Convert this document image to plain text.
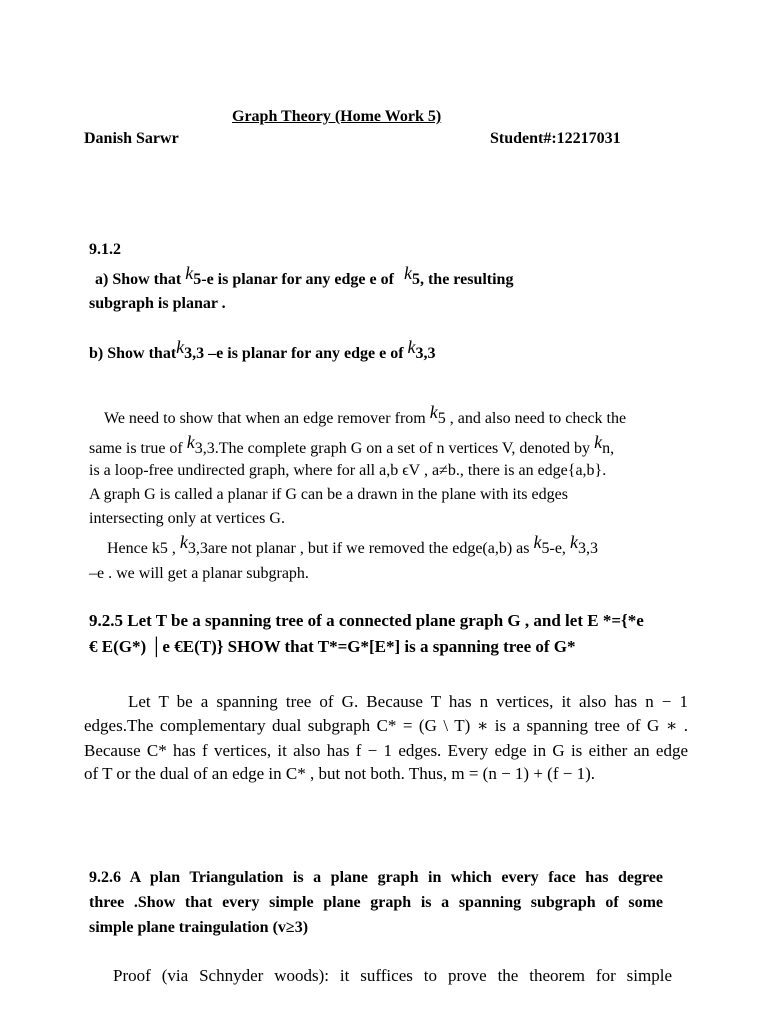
Graph Theory (Home Work 5)
Danish Sarwr	Student#:12217031
9.1.2
a) Show that k5-e is planar for any edge e of k5, the resulting
subgraph is planar .
b) Show thatk3,3 –e is planar for any edge e of k3,3
We need to show that when an edge remover from k5 , and also need to check the
same is true of k3,3.The complete graph G on a set of n vertices V, denoted by kn,
is a loop-free undirected graph, where for all a,b ϵV , a≠b., there is an edge{a,b}.
A graph G is called a planar if G can be a drawn in the plane with its edges
intersecting only at vertices G.
Hence k5 , k3,3are not planar , but if we removed the edge(a,b) as k5-e, k3,3
–e . we will get a planar subgraph.
9.2.5 Let T be a spanning tree of a connected plane graph G , and let E *={*e
€ E(G*) │e €E(T)} SHOW that T*=G*[E*] is a spanning tree of G*
Let T be a spanning tree of G. Because T has n vertices, it also has n − 1
edges.The complementary dual subgraph C* = (G \ T) ∗ is a spanning tree of G ∗ .
Because C* has f vertices, it also has f − 1 edges. Every edge in G is either an edge
of T or the dual of an edge in C* , but not both. Thus, m = (n − 1) + (f − 1).
9.2.6 A plan Triangulation is a plane graph in which every face has degree
three .Show that every simple plane graph is a spanning subgraph of some
simple plane traingulation (v≥3)
Proof (via Schnyder woods): it suffices to prove the theorem for simple
